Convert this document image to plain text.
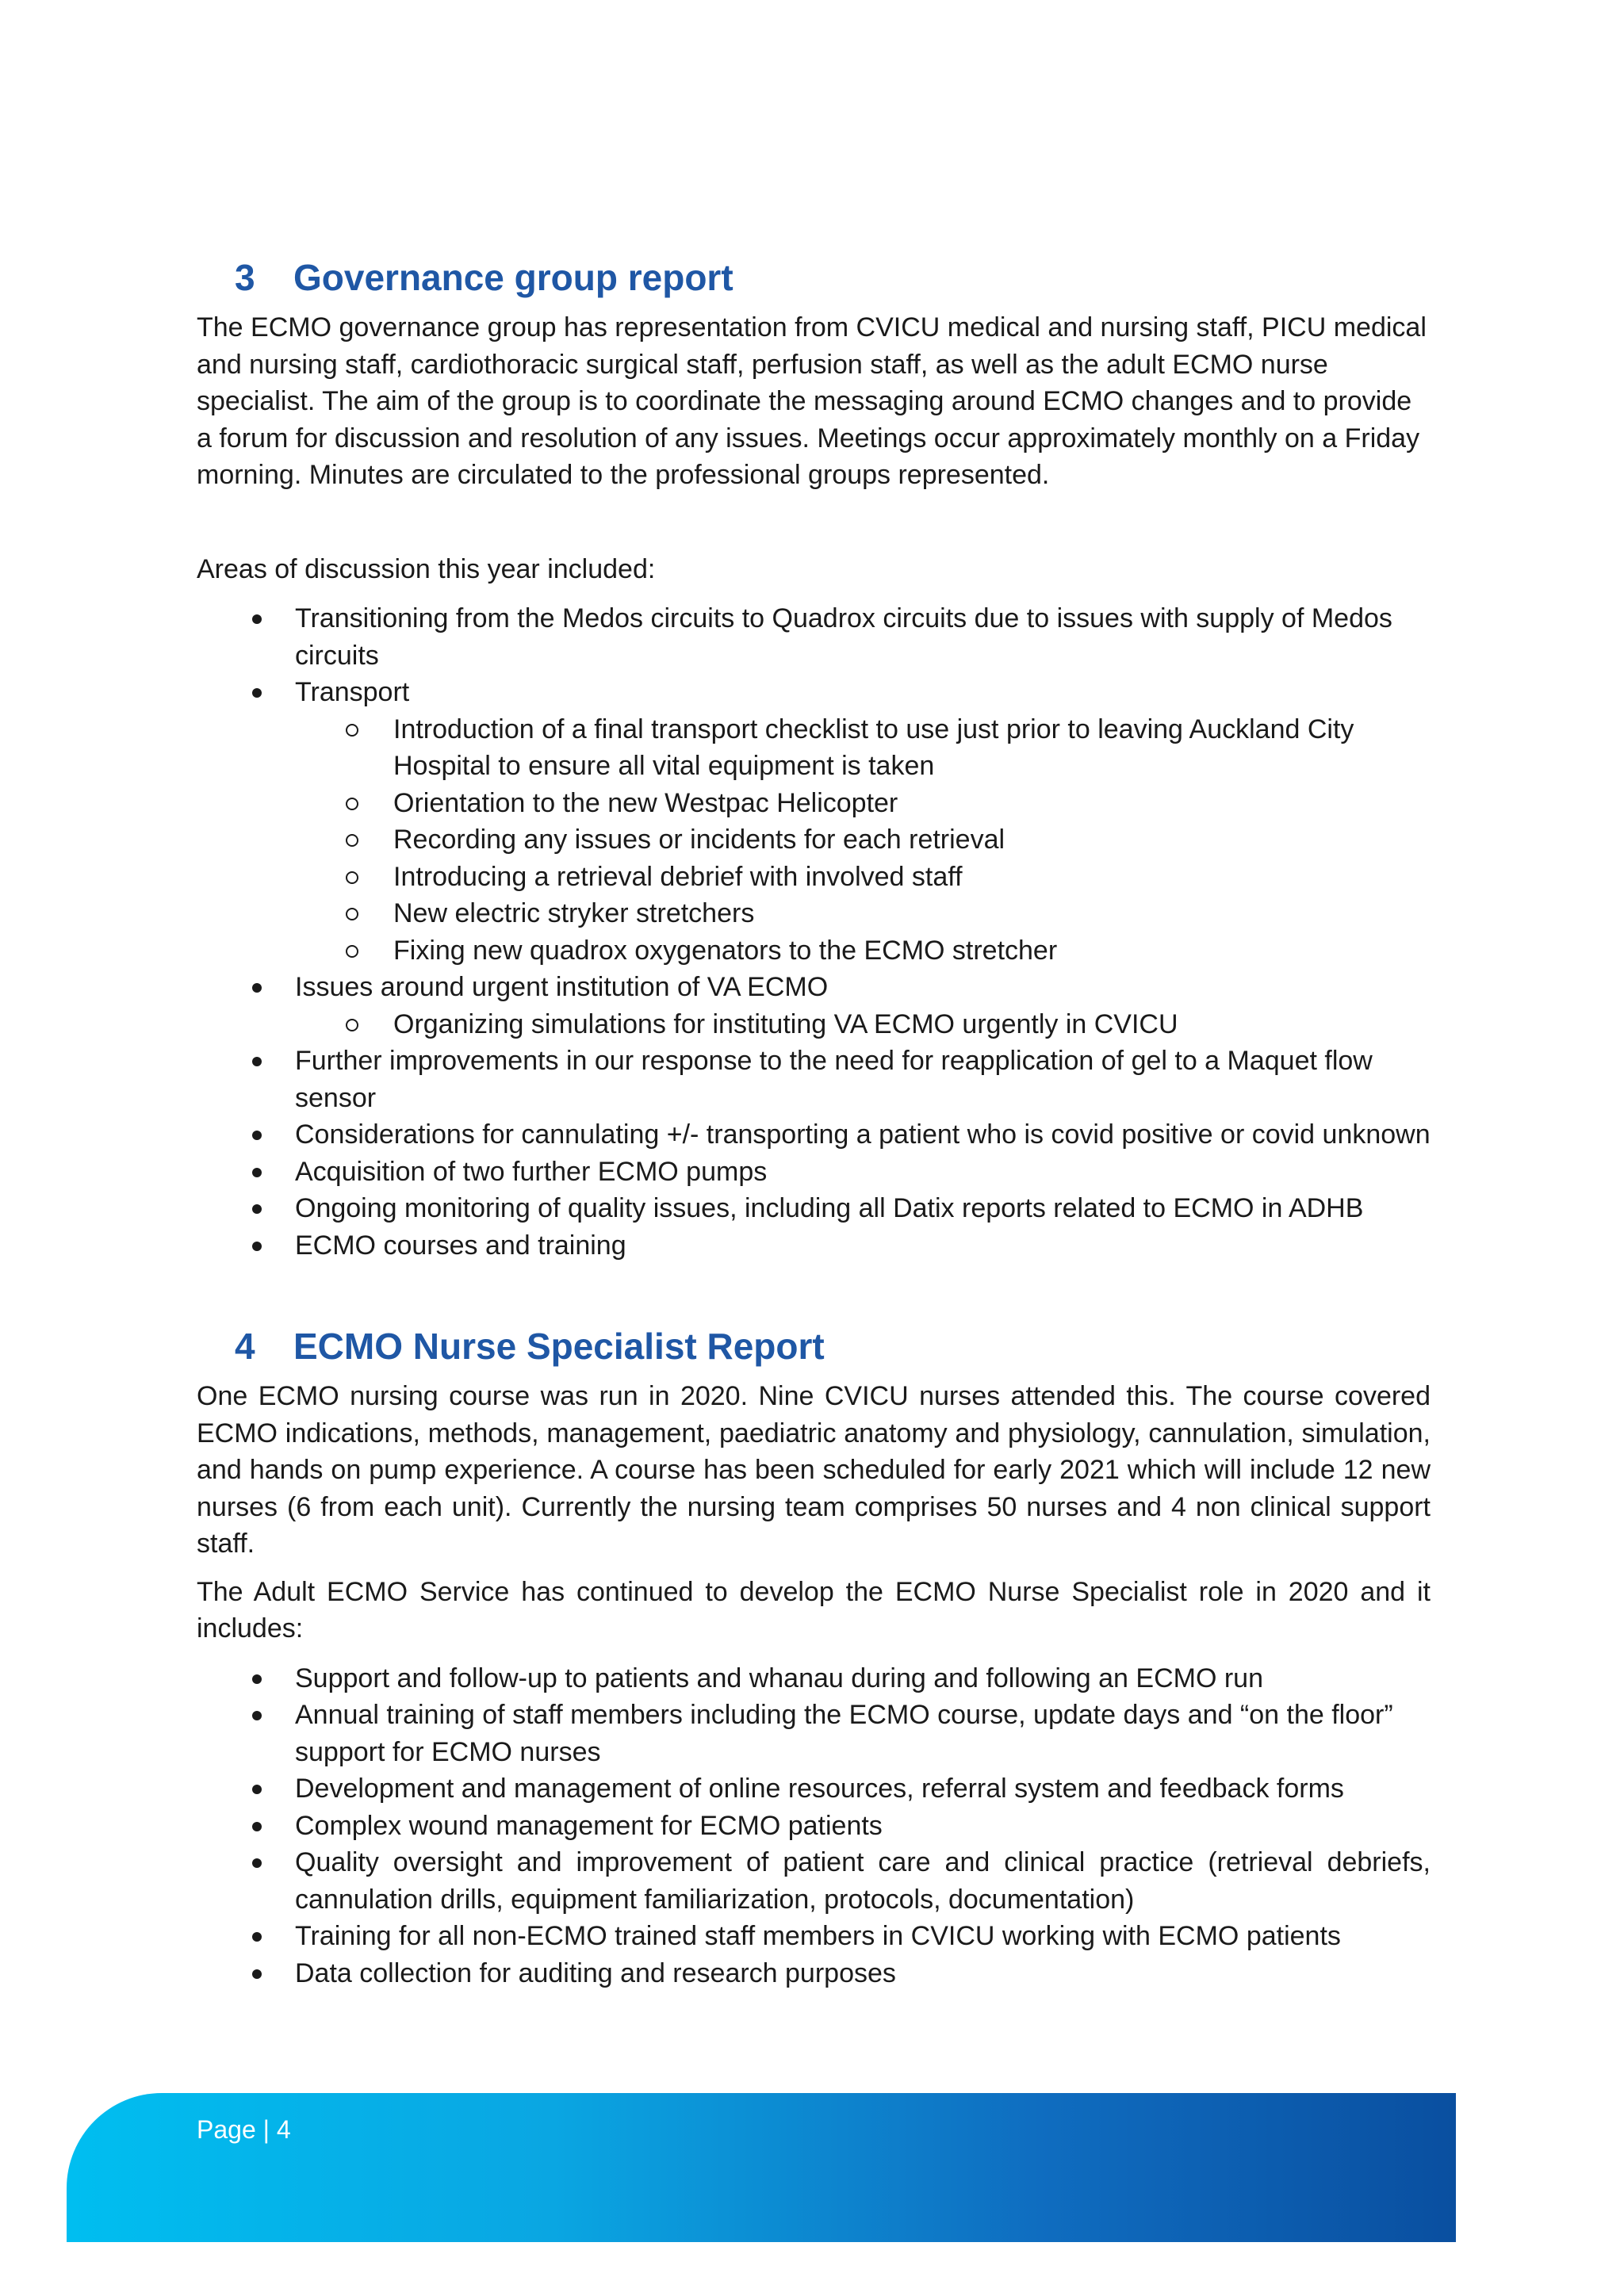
3	Governance group report

The ECMO governance group has representation from CVICU medical and nursing staff, PICU medical and nursing staff, cardiothoracic surgical staff, perfusion staff, as well as the adult ECMO nurse specialist. The aim of the group is to coordinate the messaging around ECMO changes and to provide a forum for discussion and resolution of any issues. Meetings occur approximately monthly on a Friday morning. Minutes are circulated to the professional groups represented.

Areas of discussion this year included:

Transitioning from the Medos circuits to Quadrox circuits due to issues with supply of Medos circuits
Transport
Introduction of a final transport checklist to use just prior to leaving Auckland City Hospital to ensure all vital equipment is taken
Orientation to the new Westpac Helicopter
Recording any issues or incidents for each retrieval
Introducing a retrieval debrief with involved staff
New electric stryker stretchers
Fixing new quadrox oxygenators to the ECMO stretcher
Issues around urgent institution of VA ECMO
Organizing simulations for instituting VA ECMO urgently in CVICU
Further improvements in our response to the need for reapplication of gel to a Maquet flow sensor
Considerations for cannulating +/- transporting a patient who is covid positive or covid unknown
Acquisition of two further ECMO pumps
Ongoing monitoring of quality issues, including all Datix reports related to ECMO in ADHB
ECMO courses and training
4	ECMO Nurse Specialist Report

One ECMO nursing course was run in 2020. Nine CVICU nurses attended this. The course covered ECMO indications, methods, management, paediatric anatomy and physiology, cannulation, simulation, and hands on pump experience. A course has been scheduled for early 2021 which will include 12 new nurses (6 from each unit). Currently the nursing team comprises 50 nurses and 4 non clinical support staff.

The Adult ECMO Service has continued to develop the ECMO Nurse Specialist role in 2020 and it includes:

Support and follow-up to patients and whanau during and following an ECMO run
Annual training of staff members including the ECMO course, update days and “on the floor” support for ECMO nurses
Development and management of online resources, referral system and feedback forms
Complex wound management for ECMO patients
Quality oversight and improvement of patient care and clinical practice (retrieval debriefs, cannulation drills, equipment familiarization, protocols, documentation)
Training for all non-ECMO trained staff members in CVICU working with ECMO patients
Data collection for auditing and research purposes
Page | 4
